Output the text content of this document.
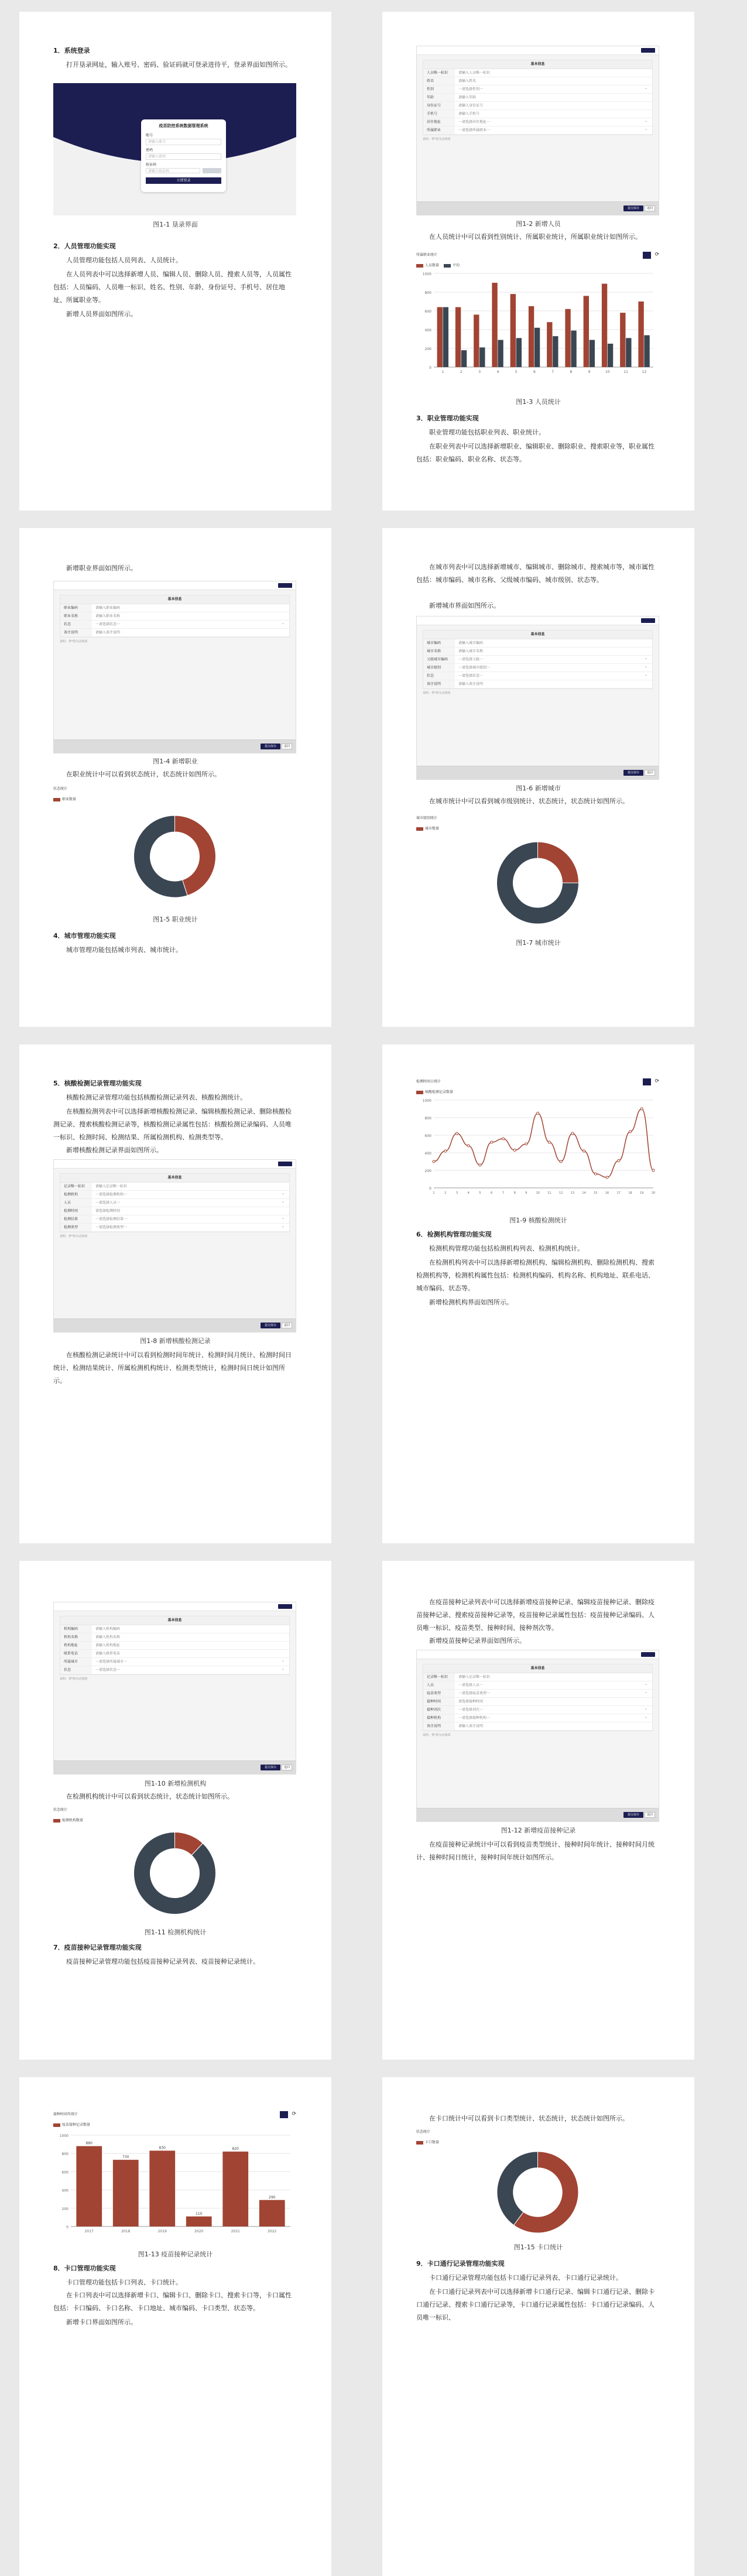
1．系统登录

打开垦录网址，输入账号、密码、验证码就可登录进待平，登录界面如图所示。

疫苗防控系统数据管理系统
账号
请输入账号
密码
请输入密码
验证码
请输入验证码
立即登录
图1-1 垦录界面

2．人员管理功能实现

人员管理功能包括人员列表、人员统计。

在人员列表中可以选择新增人员、编辑人员、删除人员、搜索人员等，人员属性包括：人员编码、人员唯一标识、姓名、性别、年龄、身份证号、手机号、居住地址、所属职业等。

新增人员界面如图所示。

基本信息
人员唯一标识	请输入人员唯一标识
姓名	请输入姓名
性别	一请选择性别一 ⌄
年龄	请输入年龄
身份证号	请输入身份证号
手机号	请输入手机号
居住地址	一请选择居住地址一 ⌄
所属职业	一请选择所属职业一 ⌄
说明：带*的为必填项
提交保存	返回
图1-2 新增人员

在人员统计中可以看到性别统计、所属职业统计，所属职业统计如图所示。

所属职业统计	⟳
人员数量	平均
0
200
400
600
800
1000
1	2	3	4	5	6	7	8	9	10	11	12
图1-3 人员统计

3．职业管理功能实现

职业管理功能包括职业列表、职业统计。

在职业列表中可以选择新增职业、编辑职业、删除职业、搜索职业等，职业属性包括：职业编码、职业名称、状态等。

新增职业界面如图所示。

基本信息
职业编码	请输入职业编码
职业名称	请输入职业名称
状态	一请选择状态一 ⌄
备注说明	请输入备注说明
说明：带*的为必填项
提交保存	返回
图1-4 新增职业

在职业统计中可以看到状态统计，状态统计如图所示。

状态统计
职业数量
图1-5 职业统计

4．城市管理功能实现

城市管理功能包括城市列表、城市统计。

在城市列表中可以选择新增城市、编辑城市、删除城市、搜索城市等，城市属性包括：城市编码、城市名称、父级城市编码、城市级别、状态等。

新增城市界面如图所示。

基本信息
城市编码	请输入城市编码
城市名称	请输入城市名称
父级城市编码	一请选择父级一 ⌄
城市级别	一请选择城市级别一 ⌄
状态	一请选择状态一 ⌄
备注说明	请输入备注说明
说明：带*的为必填项
提交保存	返回
图1-6 新增城市

在城市统计中可以看到城市级别统计、状态统计，状态统计如图所示。

城市级别统计
城市数量
图1-7 城市统计

5．核酸检测记录管理功能实现

核酸检测记录管理功能包括核酸检测记录列表、核酸检测统计。

在核酸检测列表中可以选择新增核酸检测记录、编辑核酸检测记录、删除核酸检测记录、搜索核酸检测记录等，核酸检测记录属性包括：核酸检测记录编码、人员唯一标识、检测时间、检测结果、所属检测机构、检测类型等。

新增核酸检测记录界面如图所示。

基本信息
记录唯一标识	请输入记录唯一标识
检测机构	一请选择检测机构一 ⌄
人员	一请选择人员一 ⌄
检测时间	请选择检测时间
检测结果	一请选择检测结果一 ⌄
检测类型	一请选择检测类型一 ⌄
说明：带*的为必填项
提交保存	返回
图1-8 新增核酸检测记录

在核酸检测记录统计中可以看到检测时间年统计、检测时间月统计、检测时间日统计、检测结果统计、所属检测机构统计、检测类型统计，检测时间日统计如图所示。

检测时间日统计	⟳
核酸检测记录数量
0
200
400
600
800
1000
1	2	3	4	5	6	7	8	9	10	11	12	13	14	15	16	17	18	19	20
图1-9 核酸检测统计

6．检测机构管理功能实现

检测机构管理功能包括检测机构列表、检测机构统计。

在检测机构列表中可以选择新增检测机构、编辑检测机构、删除检测机构、搜索检测机构等，检测机构属性包括：检测机构编码、机构名称、机构地址、联系电话、城市编码、状态等。

新增检测机构界面如图所示。

基本信息
机构编码	请输入机构编码
机构名称	请输入机构名称
机构地址	请输入机构地址
联系电话	请输入联系电话
所属城市	一请选择所属城市一 ⌄
状态	一请选择状态一 ⌄
说明：带*的为必填项
提交保存	返回
图1-10 新增检测机构

在检测机构统计中可以看到状态统计，状态统计如图所示。

状态统计
检测机构数量
图1-11 检测机构统计

7．疫苗接种记录管理功能实现

疫苗接种记录管理功能包括疫苗接种记录列表、疫苗接种记录统计。

在疫苗接种记录列表中可以选择新增疫苗接种记录、编辑疫苗接种记录、删除疫苗接种记录、搜索疫苗接种记录等，疫苗接种记录属性包括：疫苗接种记录编码、人员唯一标识、疫苗类型、接种时间、接种剂次等。

新增疫苗接种记录界面如图所示。

基本信息
记录唯一标识	请输入记录唯一标识
人员	一请选择人员一 ⌄
疫苗类型	一请选择疫苗类型一 ⌄
接种时间	请选择接种时间
接种剂次	一请选择剂次一 ⌄
接种机构	一请选择接种机构一 ⌄
备注说明	请输入备注说明
说明：带*的为必填项
提交保存	返回
图1-12 新增疫苗接种记录

在疫苗接种记录统计中可以看到疫苗类型统计、接种时间年统计、接种时间月统计、接种时间日统计，接种时间年统计如图所示。

接种时间年统计	⟳
疫苗接种记录数量
0
200
400
600
800
1000
880
2017
730
2018
830
2019
110
2020
820
2021
290
2022
图1-13 疫苗接种记录统计

8．卡口管理功能实现

卡口管理功能包括卡口列表、卡口统计。

在卡口列表中可以选择新增卡口、编辑卡口、删除卡口、搜索卡口等，卡口属性包括：卡口编码、卡口名称、卡口地址、城市编码、卡口类型、状态等。

新增卡口界面如图所示。

在卡口统计中可以看到卡口类型统计、状态统计，状态统计如图所示。

状态统计
卡口数量
图1-15 卡口统计

9．卡口通行记录管理功能实现

卡口通行记录管理功能包括卡口通行记录列表、卡口通行记录统计。

在卡口通行记录列表中可以选择新增卡口通行记录、编辑卡口通行记录、删除卡口通行记录、搜索卡口通行记录等，卡口通行记录属性包括：卡口通行记录编码、人员唯一标识、
